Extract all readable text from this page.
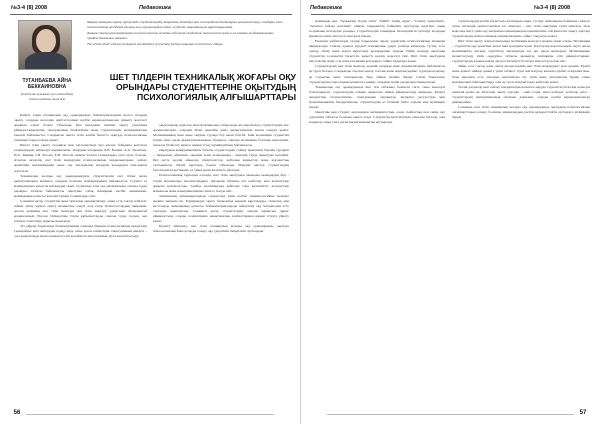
№3-4 (8) 2008	Педагогика
ТУГАНБАЕВА АЙНА БЕККАИНОВНА
Карабулак аулының орта мектебінің психологиялық педагогы

Мақала мазмұны оқыту процесінде студенттердің теориялық білімдері мен тәжірибелік дағдыларын қалыптастыру жолдары, яғни психологиялық негіздерін бағалау мен оқушылардың ойлау жүйесіне маңыздылығы қарастырылады.

Данная статья рассматривает психологические аспекты обучения студентов технических вузов и их влияние на формирование профессиональных навыков.

The article deals with psychological peculiarities of teaching foreign language to technical colleges.

ШЕТ ТІЛДЕРІН ТЕХНИКАЛЫҚ ЖОҒАРЫ ОҚУ ОРЫНДАРЫ СТУДЕНТТЕРІНЕ ОҚЫТУДЫҢ ПСИХОЛОГИЯЛЫҚ АЛҒЫШАРТТАРЫ

Қазіргі таңда техникалық оқу орындарында білімалушылармен шетел тілдерін оқыту, олардың шетелдік әріптестерімен кәсіби қарым-қатынасын дамыту мәселесі әрқашан өзекті болып табылады. Бұл мәселенің шешімі оқыту үдерісінің ұйымдастырылуына, оқытушының біліктілігіне және студенттердің мотивациясына тікелей байланысты. Сондықтан шетел тілін кәсіби бағытта оқытуда психологиялық алғышарттарды ескеру қажет.

Шетел тілін оқыту теориясы мен әдістемесінде бұл мәселе бойынша көптеген ғалымдардың еңбектері жарияланған. Олардың қатарында Б.В. Беляев, А.А. Леонтьев, И.А. Зимняя, Г.В. Рогова, Е.И. Пассов сияқты белгілі ғалымдарды атап өтуге болады. Аталған авторлар шет тілін меңгерудің психологиялық заңдылықтарын, сөйлеу әрекетінің механизмдерін және оқу материалын игерудің кезеңдерін жан-жақты зерттеген.

Техникалық жоғары оқу орындарындағы студенттердің шет тіліне деген қызығушылығы көбінесе олардың болашақ мамандығымен байланысты. Студент өз мамандығына қатысты мәтіндерді оқып, түсінгенде ғана оқу материалына саналы түрде қарайды. Осыған байланысты оқытушы сабақ мазмұнын кәсіби лексикамен, мамандыққа қатысты жағдаяттармен толықтыруы тиіс.

Сонымен қатар студенттің жеке тұлғалық ерекшеліктері, оның есте сақтау қабілеті, зейіні, ойлау жүйесі оқыту нәтижесіне елеулі әсер етеді. Психологтардың пікірінше, ересек адамның шет тілін меңгеруі ана тілін меңгеру үдерісінен айтарлықтай ерекшеленеді. Ересек білімалушы тілдік құбылыстарды саналы түрде талдап, ана тілімен салыстыру арқылы меңгереді.

Тіл үйрену барысында білімалушының алдында бірнеше психологиялық кедергілер туындайды: қате жіберуден қорқу, ұялу, өзіне деген сенімсіздік. Оқытушының міндеті – осы кедергілерді жоюға көмектесетін қолайлы психологиялық ахуал қалыптастыру.

оқытушылар дәрістер мен практикалық сабақтарды жоспарлағанда студенттердің жас ерекшеліктерін, олардың білім деңгейін және қызығушылық аясын ескеруі қажет. Мотивацияның ішкі және сыртқы түрлері бар екені белгілі. Ішкі мотивация студенттің тілдің өзіне деген қызығушылығынан туындаса, сыртқы мотивация болашақ мансаппен, шетелде білім алу немесе жұмыс істеу мүмкіндігімен байланысты.

Оқытудың коммуникативтік бағыты студенттердің сөйлеу әрекетінің барлық түрлерін – тыңдалым, айтылым, оқылым және жазылымды – кешенді түрде дамытуды көздейді. Бұл ретте рөлдік ойындар, пікірталастар, жобалық жұмыстар және жағдаяттық тапсырмалар тиімді құралдар болып табылады. Мұндай әдістер студенттердің белсенділігін арттырып, өз ойын еркін жеткізуге үйретеді.

Психологиялық тұрғыдан алғанда, шет тілін оқытудағы маңызды кезеңдердің бірі – тілдік материалды автоматтандыру. Дағдылар бірнеше рет қайталау мен жаттығулар арқылы қалыптасады. Алайда механикалық қайталау ғана жеткіліксіз, жаттығулар мағыналы және коммуникативтік сипатта болуы тиіс.

Техникалық мамандықтардың студенттері үшін кәсіби терминологияны меңгеру ерекше маңызға ие. Терминдерді оқыту барысында көрнекі құралдарды, схемалар мен кестелерді, мамандыққа қатысты бейнематериалдарды пайдалану оқу материалын есте сақтауды жеңілдетеді. Сонымен қатар студенттердің өзіндік жұмысын дұрыс ұйымдастыру, оларды сөздіктермен, анықтамалық әдебиеттермен жұмыс істеуге үйрету қажет.

Қорыта айтқанда, шет тілін техникалық жоғары оқу орындарында оқытуда психологиялық факторларды ескеру оқу үдерісінің тиімділігін арттырады.

56
Педагогика	№3-4 (8) 2008

мамандық деп, "бұлыңғыр тілдің тобы" "бейбіт тілдің оқуы", "Сөйлеу әрекетінің", "Ауызша сөйлеу негізінің" сияқты тақырыптар бойынша зерттеулер жүргізіп, оның теориялық негіздерін ұсынды. Студенттердің танымдық белсенділігін арттыру жолдары әрқашан өзекті мәселе болып қала береді.

Ғылыми әдебиеттерді талдау барысында оқыту үдерісінің психологиялық мазмұны айқындалды. Сөйлеу әрекеті күрделі психикалық үдеріс ретінде қабылдау, түсіну, есте сақтау, ойлау және жауап құрастыру кезеңдерінен тұрады. Әрбір кезеңде оқытушы студенттің іс-әрекетін бағыттап, қажетті қолдау көрсетуі тиіс. Шет тілін оқытудағы әдістемелік жүйе осы психологиялық кезеңдерге сәйкес құрылуы керек.

Студенттердің шет тілін меңгеру деңгейі олардың жеке ерекшеліктеріне байланысты әр түрлі болады. Сондықтан саралап оқыту, топтық және жұптық жұмыс түрлерін қолдану, әр студентке жеке тапсырмалар беру тиімді нәтиже береді. Сабақ барысында студенттердің өзара қарым-қатынасы дамып, олардың тілдік дағдылары шыңдалады.

Техникалық оқу орындарында шет тілі сабағына бөлінген сағат саны шектеулі болғандықтан, студенттердің өзіндік жұмысын тиімді ұйымдастыру маңызды. Қазіргі ақпараттық технологиялар, электрондық оқулықтар, интернет ресурстары мен мультимедиялық бағдарламалар студенттердің өз бетінше білім алуына кең мүмкіндік береді.

Оқытушы мен студент арасындағы ынтымақтастық, өзара сыйластық пен сенім оқу үдерісінің табысты болуына ықпал етеді. Студенттің жетістіктерін уақтылы бағалау, оны мадақтау оның тілге деген қызығушылығын арттырады.

студенттердің кәсіби бағыттағы мәтіндерді оқып, түсінуі, мамандығы бойынша сөйлесе алуы, шетелдік әріптестерімен хат алмасуы – шет тілін оқытудың түпкі мақсаты. Осы мақсатқа жету үшін оқу материалы мамандықтың ерекшелігіне сай іріктеліп, оқыту әдістері студенттердің психологиялық ерекшеліктеріне сәйкес таңдалуы қажет.

Шет тілін оқыту психологиясында мотивация мәселесі ерекше орын алады. Мотивация – студенттің оқу әрекетіне деген ішкі қозғаушы күші. Зерттеулер көрсеткендей, оқуға деген мотивациясы жоғары студенттер материалды тез әрі терең меңгереді. Мотивацияны қалыптастыру үшін оқытушы сабақты қызықты, мазмұнды етіп ұйымдастырып, студенттердің алдына нақты әрі қол жеткізуге болатын мақсаттар қоюы тиіс.

Зейін, есте сақтау және ойлау процестерінің шет тілін меңгерудегі рөлі ерекше. Ерікті және еріксіз зейінді дамыту үшін сабақта түрлі жаттығулар кезектестіріліп отырғаны жөн. Ұзақ мерзімді есте сақтауды қамтамасыз ету үшін жаңа материалды бұрын өткен материалмен байланыстыру, оны әр түрлі жағдаяттарда қайталау қажет.

Тілдік дағдылар мен сөйлеу іскерліктерін қалыптастыруда студенттің белсенді қатысуы шешуші мәнге ие. Белсенді оқыту әдістері – кейс-стади, миға шабуыл, жобалар әдісі – студенттердің шығармашылық ойлауын дамытып, оларды кәсіби қарым-қатынасқа дайындайды.

Сонымен, шет тілін техникалық жоғары оқу орындарында оқытудың психологиялық алғышарттарын ескеру болашақ мамандардың кәсіби құзыреттілігін арттыруға мүмкіндік береді.

57
